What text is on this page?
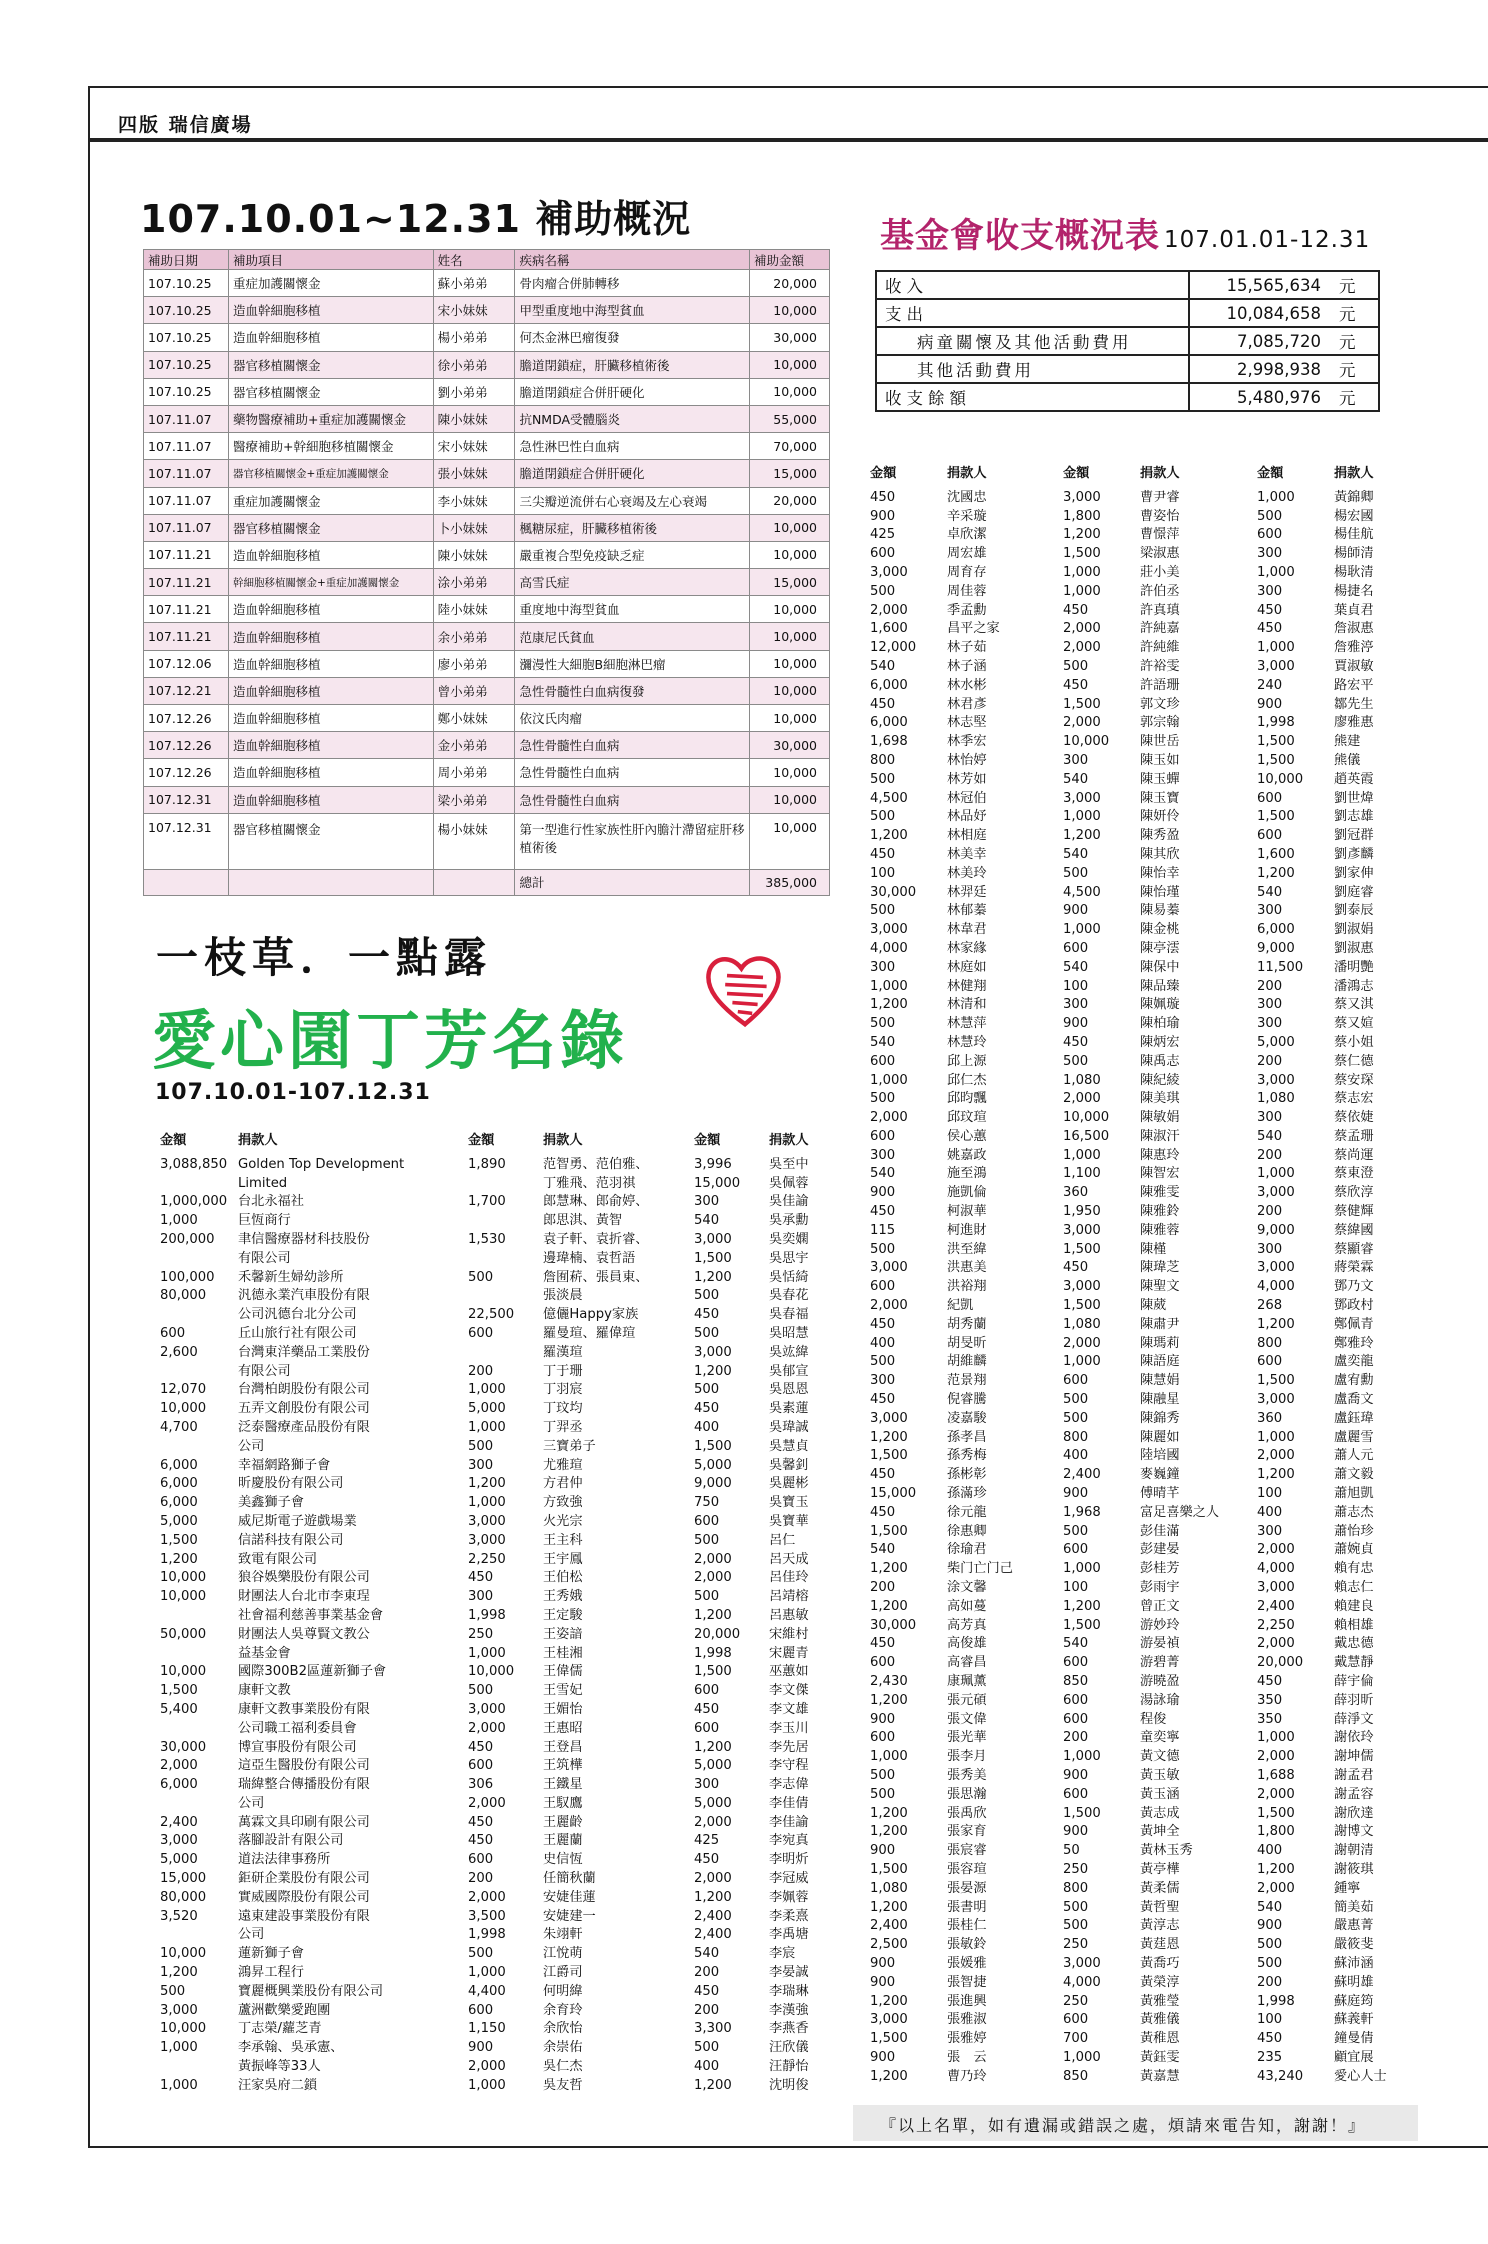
四版 瑞信廣場
107.10.01~12.31 補助概況
補助日期	補助項目	姓名	疾病名稱	補助金額
107.10.25	重症加護關懷金	蘇小弟弟	骨肉瘤合併肺轉移	20,000
107.10.25	造血幹細胞移植	宋小妹妹	甲型重度地中海型貧血	10,000
107.10.25	造血幹細胞移植	楊小弟弟	何杰金淋巴瘤復發	30,000
107.10.25	器官移植關懷金	徐小弟弟	膽道閉鎖症，肝臟移植術後	10,000
107.10.25	器官移植關懷金	劉小弟弟	膽道閉鎖症合併肝硬化	10,000
107.11.07	藥物醫療補助+重症加護關懷金	陳小妹妹	抗NMDA受體腦炎	55,000
107.11.07	醫療補助+幹細胞移植關懷金	宋小妹妹	急性淋巴性白血病	70,000
107.11.07	器官移植關懷金+重症加護關懷金	張小妹妹	膽道閉鎖症合併肝硬化	15,000
107.11.07	重症加護關懷金	李小妹妹	三尖瓣逆流併右心衰竭及左心衰竭	20,000
107.11.07	器官移植關懷金	卜小妹妹	楓糖尿症，肝臟移植術後	10,000
107.11.21	造血幹細胞移植	陳小妹妹	嚴重複合型免疫缺乏症	10,000
107.11.21	幹細胞移植關懷金+重症加護關懷金	涂小弟弟	高雪氏症	15,000
107.11.21	造血幹細胞移植	陸小妹妹	重度地中海型貧血	10,000
107.11.21	造血幹細胞移植	余小弟弟	范康尼氏貧血	10,000
107.12.06	造血幹細胞移植	廖小弟弟	瀰漫性大細胞B細胞淋巴瘤	10,000
107.12.21	造血幹細胞移植	曾小弟弟	急性骨髓性白血病復發	10,000
107.12.26	造血幹細胞移植	鄭小妹妹	依汶氏肉瘤	10,000
107.12.26	造血幹細胞移植	金小弟弟	急性骨髓性白血病	30,000
107.12.26	造血幹細胞移植	周小弟弟	急性骨髓性白血病	10,000
107.12.31	造血幹細胞移植	梁小弟弟	急性骨髓性白血病	10,000
107.12.31	器官移植關懷金	楊小妹妹	第一型進行性家族性肝內膽汁滯留症肝移植術後	10,000
			總計	385,000
基金會收支概況表 107.01.01-12.31
收入	15,565,634	元
支出	10,084,658	元
病童關懷及其他活動費用	7,085,720	元
其他活動費用	2,998,938	元
收支餘額	5,480,976	元
一枝草．一點露
愛心園丁芳名錄
107.10.01-107.12.31
金額	捐款人
3,088,850 Golden Top Development
Limited
1,000,000 台北永福社
1,000	巨恆商行
200,000	聿信醫療器材科技股份
有限公司
100,000	禾馨新生婦幼診所
80,000	汎德永業汽車股份有限
公司汎德台北分公司
600	丘山旅行社有限公司
2,600	台灣東洋藥品工業股份
有限公司
12,070	台灣柏朗股份有限公司
10,000	五弄文創股份有限公司
4,700	泛泰醫療產品股份有限
公司
6,000	幸福網路獅子會
6,000	昕慶股份有限公司
6,000	美鑫獅子會
5,000	威尼斯電子遊戲場業
1,500	信諾科技有限公司
1,200	致電有限公司
10,000	狼谷娛樂股份有限公司
10,000	財團法人台北市李東珵
社會福利慈善事業基金會
50,000	財團法人吳尊賢文教公
益基金會
10,000	國際300B2區蓮新獅子會
1,500	康軒文教
5,400	康軒文教事業股份有限
公司職工福利委員會
30,000	博宣事股份有限公司
2,000	這亞生醫股份有限公司
6,000	瑞緯整合傳播股份有限
公司
2,400	萬霖文具印刷有限公司
3,000	落腳設計有限公司
5,000	道法法律事務所
15,000	鉅研企業股份有限公司
80,000	實威國際股份有限公司
3,520	遠東建設事業股份有限
公司
10,000	蓮新獅子會
1,200	鴻昇工程行
500	寶麗概興業股份有限公司
3,000	蘆洲歡樂愛跑團
10,000	丁志榮/蘿芝青
1,000	李承翰、吳承憲、
黃振峰等33人
1,000	汪家吳府二鎖
金額	捐款人
1,890	范智勇、范伯雅、
丁雅飛、范羽祺
1,700	郎慧琳、郎俞婷、
郎思淇、黃智
1,530	袁子軒、袁折睿、
邊瑋楠、袁哲語
500	詹囿菥、張員東、
張淡晨
22,500	億儷Happy家族
600	羅曼瑄、羅偉瑄
羅漢瑄
200	丁于珊
1,000	丁羽宸
5,000	丁玟均
1,000	丁羿丞
500	三寶弟子
300	尤雅瑄
1,200	方君仲
1,000	方致強
3,000	火光宗
3,000	王主科
2,250	王宇鳳
450	王伯松
300	王秀娥
1,998	王定駿
250	王姿諳
1,000	王桂湘
10,000	王偉儒
500	王雪妃
3,000	王媚怡
2,000	王惠昭
450	王登昌
600	王筑樺
306	王鐵星
2,000	王馭鷹
450	王麗齡
450	王麗蘭
600	史信恆
200	任簡秋蘭
2,000	安婕佳蓮
3,500	安婕建一
1,998	朱翊軒
500	江悅萌
1,000	江爵司
4,400	何明緯
600	余育玲
1,150	余欣怡
900	余崇佑
2,000	吳仁杰
1,000	吳友哲
金額	捐款人
3,996	吳至中
15,000	吳佩蓉
300	吳佳諭
540	吳承勳
3,000	吳奕嫻
1,500	吳思宇
1,200	吳恬綺
500	吳春花
450	吳春福
500	吳昭慧
3,000	吳竑緯
1,200	吳郁宣
500	吳恩恩
450	吳素蓮
400	吳瑋誠
1,500	吳慧貞
5,000	吳馨釗
9,000	吳麗彬
750	吳寶玉
600	吳寶華
500	呂仁
2,000	呂天成
2,000	呂佳玲
500	呂靖榕
1,200	呂惠敏
20,000	宋維村
1,998	宋麗青
1,500	巫蕙如
600	李文傑
450	李文雄
600	李玉川
1,200	李先居
5,000	李守程
300	李志偉
5,000	李佳倩
2,000	李佳諭
425	李宛真
450	李明炘
2,000	李冠威
1,200	李姵蓉
2,400	李柔熹
2,400	李禹塘
540	李宸
200	李晏誠
450	李瑞琳
200	李漢強
3,300	李燕香
500	汪欣儀
400	汪靜怡
1,200	沈明俊
金額	捐款人
450	沈國忠
900	辛采璇
425	卓欣潔
600	周宏雄
3,000	周育存
500	周佳蓉
2,000	季孟勳
1,600	昌平之家
12,000	林子茹
540	林子涵
6,000	林水彬
450	林君彥
6,000	林志堅
1,698	林季宏
800	林怡婷
500	林芳如
4,500	林冠伯
500	林品妤
1,200	林相庭
450	林美幸
100	林美玲
30,000	林羿廷
500	林郁蓁
3,000	林韋君
4,000	林家緣
300	林庭如
1,000	林健翔
1,200	林清和
500	林慧萍
540	林慧玲
600	邱上源
1,000	邱仁杰
500	邱昀飄
2,000	邱玟瑄
600	侯心蕙
300	姚嘉政
540	施至鴻
900	施凱倫
450	柯淑華
115	柯進財
500	洪至緯
3,000	洪惠美
600	洪裕翔
2,000	紀凱
450	胡秀蘭
400	胡旻昕
500	胡維麟
300	范景翔
450	倪睿騰
3,000	凌嘉駿
1,200	孫孝昌
1,500	孫秀梅
450	孫彬彰
15,000	孫滿珍
450	徐元龍
1,500	徐惠卿
540	徐瑜君
1,200	柴门亡门己
200	涂文馨
1,200	高如蔓
30,000	高芳真
450	高俊雄
600	高睿昌
2,430	康珮薰
1,200	張元碩
900	張文偉
600	張光華
1,000	張李月
500	張秀美
500	張思瀚
1,200	張禹欣
1,200	張家育
900	張宸睿
1,500	張容瑄
1,080	張晏源
1,200	張書明
2,400	張桂仁
2,500	張敏鈴
900	張媛雅
900	張智捷
1,200	張進興
3,000	張雅淑
1,500	張雅婷
900	張　云
1,200	曹乃玲
金額	捐款人
3,000	曹尹睿
1,800	曹姿怡
1,200	曹憬萍
1,500	梁淑惠
1,000	莊小美
1,000	許伯丞
450	許真瑱
2,000	許純嘉
2,000	許純維
500	許裕雯
450	許語珊
1,500	郭文珍
2,000	郭宗翰
10,000	陳世岳
300	陳玉如
540	陳玉蟬
3,000	陳玉寶
1,000	陳妍伶
1,200	陳秀盈
540	陳其欣
500	陳怡幸
4,500	陳怡瑾
900	陳易蓁
1,000	陳金桃
600	陳亭澐
540	陳保中
100	陳品臻
300	陳姵璇
900	陳柏瑜
450	陳炳宏
500	陳禹志
1,080	陳紀綾
2,000	陳美琪
10,000	陳敏娟
16,500	陳淑汗
1,000	陳惠玲
1,100	陳智宏
360	陳雅雯
1,950	陳雅鈴
3,000	陳雅蓉
1,500	陳槿
450	陳瑋芝
3,000	陳聖文
1,500	陳葳
1,080	陳肅尹
2,000	陳瑪莉
1,000	陳語庭
600	陳慧娟
500	陳融星
500	陳錦秀
800	陳麗如
400	陸培國
2,400	麥巍鐘
900	傅晴芊
1,968	富足喜樂之人
500	彭佳滿
600	彭建晏
1,000	彭桂芳
100	彭雨宇
1,200	曾正文
1,500	游妙玲
540	游晏禎
600	游碧菁
850	游曉盈
600	湯詠瑜
600	程俊
200	童奕寧
1,000	黃文德
900	黃玉敏
600	黃玉涵
1,500	黃志成
900	黃坤全
50	黃林玉秀
250	黃亭樺
800	黃柔儒
500	黃哲聖
500	黃淳志
250	黃莛恩
3,000	黃喬巧
4,000	黃榮淳
250	黃雅瑩
600	黃雅儀
700	黃稚恩
1,000	黃鈺雯
850	黃嘉慧
金額	捐款人
1,000	黃錦卿
500	楊宏國
600	楊佳航
300	楊師清
1,000	楊耿清
300	楊捷名
450	葉貞君
450	詹淑惠
1,000	詹雅渟
3,000	賈淑敏
240	路宏平
900	鄒先生
1,998	廖雅惠
1,500	熊建
1,500	熊儀
10,000	趙英霞
600	劉世煒
1,500	劉志雄
600	劉冠群
1,600	劉彥麟
1,200	劉家伸
540	劉庭睿
300	劉泰辰
6,000	劉淑娟
9,000	劉淑惠
11,500	潘明艷
200	潘鴻志
300	蔡又淇
300	蔡又媗
5,000	蔡小姐
200	蔡仁德
3,000	蔡安琛
1,080	蔡志宏
300	蔡依婕
540	蔡孟珊
200	蔡尚運
1,000	蔡東澄
3,000	蔡欣淳
200	蔡健輝
9,000	蔡緯國
300	蔡顯睿
3,000	蔣榮霖
4,000	鄧乃文
268	鄧政村
1,200	鄭佩青
800	鄭雅玲
600	盧奕龍
1,500	盧宥勳
3,000	盧喬文
360	盧鈺瑋
1,000	盧麗雪
2,000	蕭人元
1,200	蕭文毅
100	蕭旭凱
400	蕭志杰
300	蕭怡珍
2,000	蕭婉貞
4,000	賴有忠
3,000	賴志仁
2,400	賴建良
2,250	賴相雄
2,000	戴忠德
20,000	戴慧靜
450	薛宇倫
350	薛羽昕
350	薛淨文
1,000	謝依玲
2,000	謝坤儒
1,688	謝孟君
2,000	謝孟容
1,500	謝欣達
1,800	謝博文
400	謝朝清
1,200	謝筱琪
2,000	鍾寧
540	簡美茹
900	嚴惠菁
500	嚴筱斐
500	蘇沛涵
200	蘇明雄
1,998	蘇庭筠
100	蘇義軒
450	鐘曼倩
235	顧宜展
43,240	愛心人士
『以上名單，如有遺漏或錯誤之處，煩請來電告知，謝謝！』
